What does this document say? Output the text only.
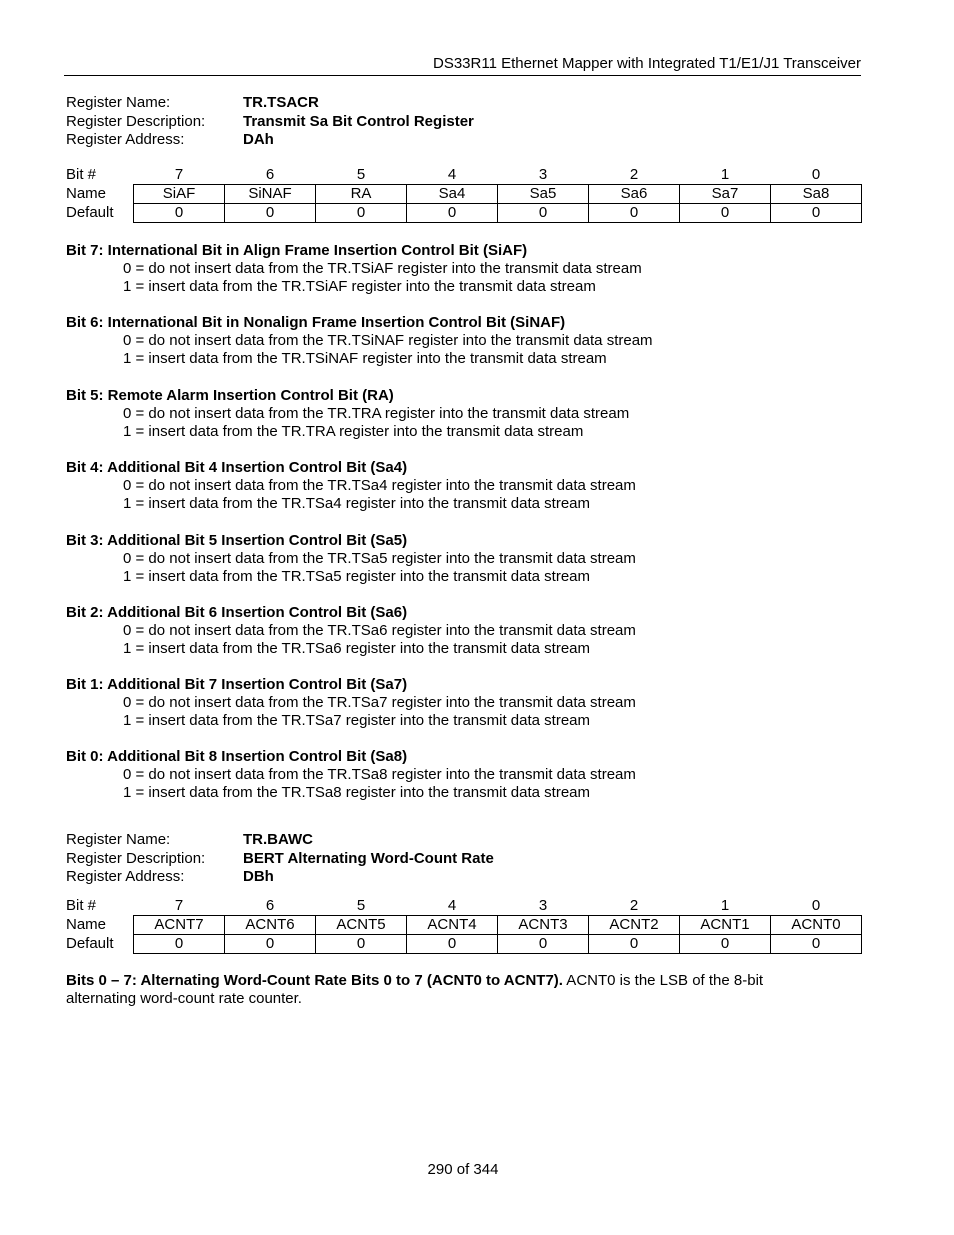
DS33R11 Ethernet Mapper with Integrated T1/E1/J1 Transceiver
Register Name:	TR.TSACR
Register Description:	Transmit Sa Bit Control Register
Register Address:	DAh
Bit #	7	6	5	4	3	2	1	0
Name	SiAF	SiNAF	RA	Sa4	Sa5	Sa6	Sa7	Sa8
Default	0	0	0	0	0	0	0	0
Bit 7: International Bit in Align Frame Insertion Control Bit (SiAF)
0 = do not insert data from the TR.TSiAF register into the transmit data stream
1 = insert data from the TR.TSiAF register into the transmit data stream
Bit 6: International Bit in Nonalign Frame Insertion Control Bit (SiNAF)
0 = do not insert data from the TR.TSiNAF register into the transmit data stream
1 = insert data from the TR.TSiNAF register into the transmit data stream
Bit 5: Remote Alarm Insertion Control Bit (RA)
0 = do not insert data from the TR.TRA register into the transmit data stream
1 = insert data from the TR.TRA register into the transmit data stream
Bit 4: Additional Bit 4 Insertion Control Bit (Sa4)
0 = do not insert data from the TR.TSa4 register into the transmit data stream
1 = insert data from the TR.TSa4 register into the transmit data stream
Bit 3: Additional Bit 5 Insertion Control Bit (Sa5)
0 = do not insert data from the TR.TSa5 register into the transmit data stream
1 = insert data from the TR.TSa5 register into the transmit data stream
Bit 2: Additional Bit 6 Insertion Control Bit (Sa6)
0 = do not insert data from the TR.TSa6 register into the transmit data stream
1 = insert data from the TR.TSa6 register into the transmit data stream
Bit 1: Additional Bit 7 Insertion Control Bit (Sa7)
0 = do not insert data from the TR.TSa7 register into the transmit data stream
1 = insert data from the TR.TSa7 register into the transmit data stream
Bit 0: Additional Bit 8 Insertion Control Bit (Sa8)
0 = do not insert data from the TR.TSa8 register into the transmit data stream
1 = insert data from the TR.TSa8 register into the transmit data stream
Register Name:	TR.BAWC
Register Description:	BERT Alternating Word-Count Rate
Register Address:	DBh
Bit #	7	6	5	4	3	2	1	0
Name	ACNT7	ACNT6	ACNT5	ACNT4	ACNT3	ACNT2	ACNT1	ACNT0
Default	0	0	0	0	0	0	0	0
Bits 0 – 7: Alternating Word-Count Rate Bits 0 to 7 (ACNT0 to ACNT7). ACNT0 is the LSB of the 8-bit alternating word-count rate counter.
290 of 344
